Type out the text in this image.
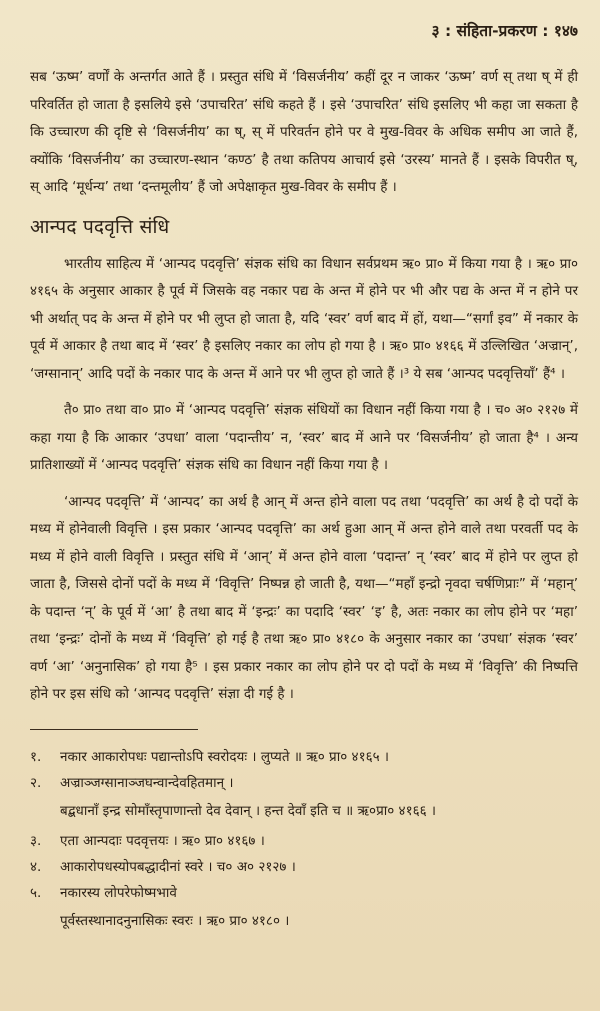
३ : संहिता-प्रकरण : १४७

सब ‘ऊष्म’ वर्णों के अन्तर्गत आते हैं । प्रस्तुत संधि में ‘विसर्जनीय’ कहीं दूर न जाकर ‘ऊष्म’ वर्ण स् तथा ष् में ही परिवर्तित हो जाता है इसलिये इसे ‘उपाचरित’ संधि कहते हैं । इसे ‘उपाचरित’ संधि इसलिए भी कहा जा सकता है कि उच्चारण की दृष्टि से ‘विसर्जनीय’ का ष्, स् में परिवर्तन होने पर वे मुख-विवर के अधिक समीप आ जाते हैं, क्योंकि ‘विसर्जनीय’ का उच्चारण-स्थान ‘कण्ठ’ है तथा कतिपय आचार्य इसे ‘उरस्य’ मानते हैं । इसके विपरीत ष्, स् आदि ‘मूर्धन्य’ तथा ‘दन्तमूलीय’ हैं जो अपेक्षाकृत मुख-विवर के समीप हैं ।

आन्पद पदवृत्ति संधि

भारतीय साहित्य में ‘आन्पद पदवृत्ति’ संज्ञक संधि का विधान सर्वप्रथम ऋ० प्रा० में किया गया है । ऋ० प्रा० ४१६५ के अनुसार आकार है पूर्व में जिसके वह नकार पद्य के अन्त में होने पर भी और पद्य के अन्त में न होने पर भी अर्थात् पद के अन्त में होने पर भी लुप्त हो जाता है, यदि ‘स्वर’ वर्ण बाद में हों, यथा—“सर्गां इव” में नकार के पूर्व में आकार है तथा बाद में ‘स्वर’ है इसलिए नकार का लोप हो गया है । ऋ० प्रा० ४१६६ में उल्लिखित ‘अज्रान्’, ‘जग्सानान्’ आदि पदों के नकार पाद के अन्त में आने पर भी लुप्त हो जाते हैं ।³ ये सब ‘आन्पद पदवृत्तियाँ’ हैं⁴ ।

तै० प्रा० तथा वा० प्रा० में ‘आन्पद पदवृत्ति’ संज्ञक संधियों का विधान नहीं किया गया है । च० अ० २१२७ में कहा गया है कि आकार ‘उपधा’ वाला ‘पदान्तीय’ न, ‘स्वर’ बाद में आने पर ‘विसर्जनीय’ हो जाता है⁴ । अन्य प्रातिशाख्यों में ‘आन्पद पदवृत्ति’ संज्ञक संधि का विधान नहीं किया गया है ।

‘आन्पद पदवृत्ति’ में ‘आन्पद’ का अर्थ है आन् में अन्त होने वाला पद तथा ‘पदवृत्ति’ का अर्थ है दो पदों के मध्य में होनेवाली विवृत्ति । इस प्रकार ‘आन्पद पदवृत्ति’ का अर्थ हुआ आन् में अन्त होने वाले तथा परवर्ती पद के मध्य में होने वाली विवृत्ति । प्रस्तुत संधि में ‘आन्’ में अन्त होने वाला ‘पदान्त’ न् ‘स्वर’ बाद में होने पर लुप्त हो जाता है, जिससे दोनों पदों के मध्य में ‘विवृत्ति’ निष्पन्न हो जाती है, यथा—“महाँ इन्द्रो नृवदा चर्षणिप्राः” में ‘महान्’ के पदान्त ‘न्’ के पूर्व में ‘आ’ है तथा बाद में ‘इन्द्रः’ का पदादि ‘स्वर’ ‘इ’ है, अतः नकार का लोप होने पर ‘महा’ तथा ‘इन्द्रः’ दोनों के मध्य में ‘विवृत्ति’ हो गई है तथा ऋ० प्रा० ४१८० के अनुसार नकार का ‘उपधा’ संज्ञक ‘स्वर’ वर्ण ‘आ’ ‘अनुनासिक’ हो गया है⁵ । इस प्रकार नकार का लोप होने पर दो पदों के मध्य में ‘विवृत्ति’ की निष्पत्ति होने पर इस संधि को ‘आन्पद पदवृत्ति’ संज्ञा दी गई है ।

१.	नकार आकारोपधः पद्यान्तोऽपि स्वरोदयः । लुप्यते ॥ ऋ० प्रा० ४१६५ ।
२.	अज्राञ्जग्सानाञ्जघन्वान्देवहितमान् ।
बद्बधानाँ इन्द्र सोमाँस्तृपाणान्तो देव देवान् । हन्त देवाँ इति च ॥ ऋ०प्रा० ४१६६ ।
३.	एता आन्पदाः पदवृत्तयः । ऋ० प्रा० ४१६७ ।
४.	आकारोपधस्योपबद्धादीनां स्वरे । च० अ० २१२७ ।
५.	नकारस्य लोपरेफोष्मभावे
पूर्वस्तस्थानादनुनासिकः स्वरः । ऋ० प्रा० ४१८० ।
